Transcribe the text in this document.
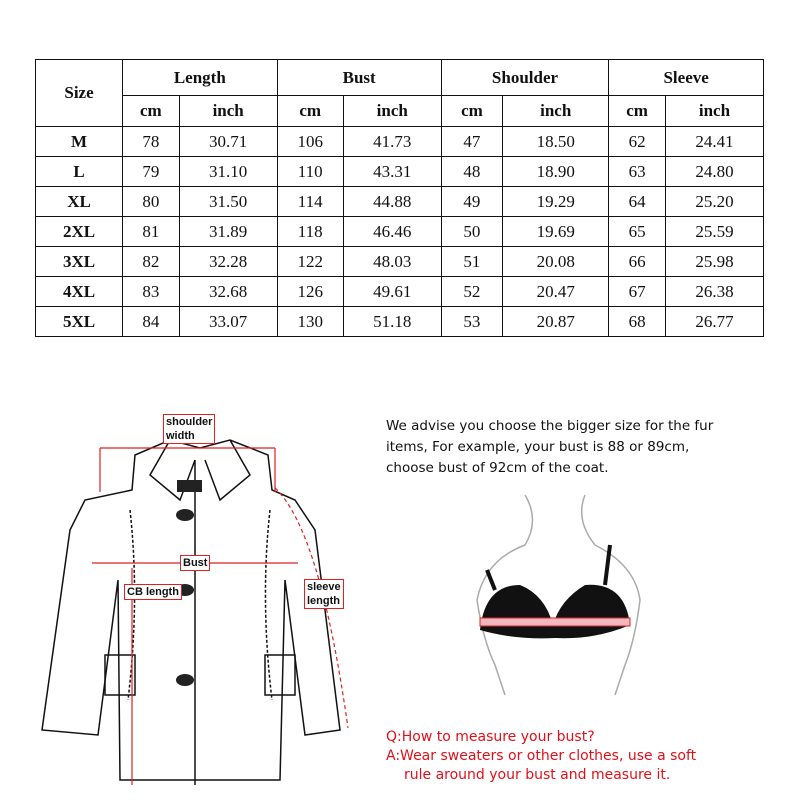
Size	Length		Bust		Shoulder		Sleeve	
	cm	inch	cm	inch	cm	inch	cm	inch
M	78	30.71	106	41.73	47	18.50	62	24.41
L	79	31.10	110	43.31	48	18.90	63	24.80
XL	80	31.50	114	44.88	49	19.29	64	25.20
2XL	81	31.89	118	46.46	50	19.69	65	25.59
3XL	82	32.28	122	48.03	51	20.08	66	25.98
4XL	83	32.68	126	49.61	52	20.47	67	26.38
5XL	84	33.07	130	51.18	53	20.87	68	26.77
shoulder
width
Bust
CB length	sleeve
length
We advise you choose the bigger size for the fur
items, For example, your bust is 88 or 89cm,
choose bust of 92cm of the coat.
Q:How to measure your bust?
A:Wear sweaters or other clothes, use a soft
rule around your bust and measure it.
